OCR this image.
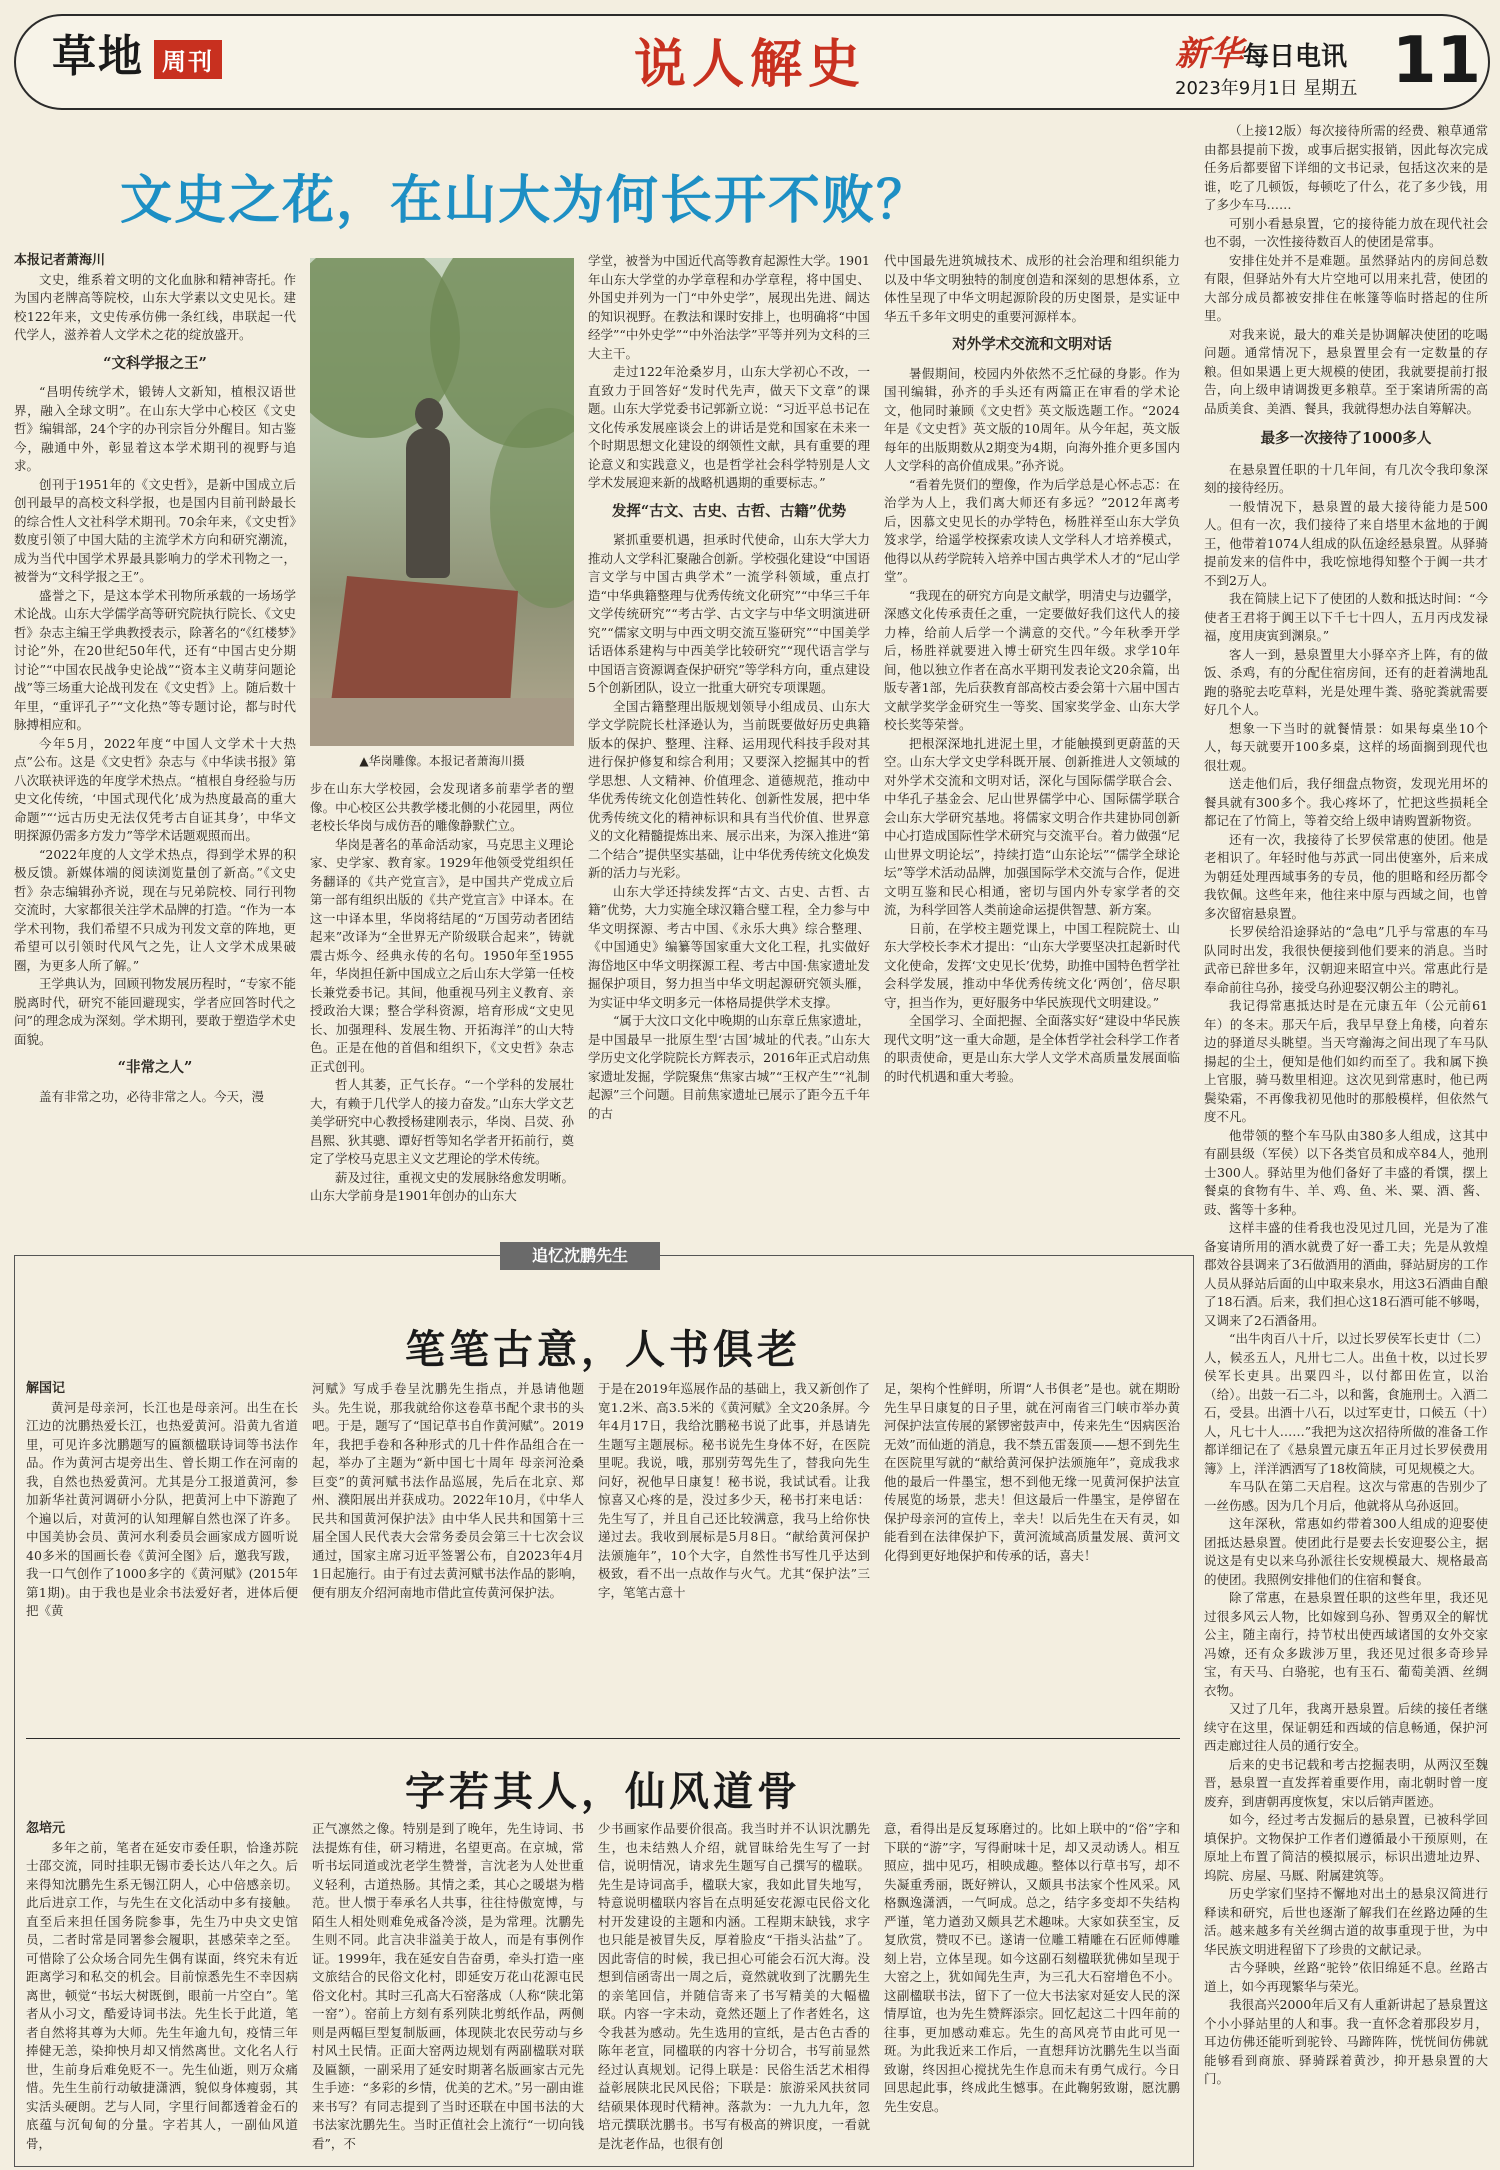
草地 周刊	说人解史	新华每日电讯
2023年9月1日 星期五 11
文史之花，在山大为何长开不败？
本报记者萧海川

文史，维系着文明的文化血脉和精神寄托。作为国内老牌高等院校，山东大学素以文史见长。建校122年来，文史传承仿佛一条红线，串联起一代代学人，滋养着人文学术之花的绽放盛开。

“文科学报之王”

“昌明传统学术，锻铸人文新知，植根汉语世界，融入全球文明”。在山东大学中心校区《文史哲》编辑部，24个字的办刊宗旨分外醒目。知古鉴今，融通中外，彰显着这本学术期刊的视野与追求。

创刊于1951年的《文史哲》，是新中国成立后创刊最早的高校文科学报，也是国内目前刊龄最长的综合性人文社科学术期刊。70余年来，《文史哲》数度引领了中国大陆的主流学术方向和研究潮流，成为当代中国学术界最具影响力的学术刊物之一，被誉为“文科学报之王”。

盛誉之下，是这本学术刊物所承载的一场场学术论战。山东大学儒学高等研究院执行院长、《文史哲》杂志主编王学典教授表示，除著名的“《红楼梦》讨论”外，在20世纪50年代，还有“中国古史分期讨论”“中国农民战争史论战”“资本主义萌芽问题论战”等三场重大论战刊发在《文史哲》上。随后数十年里，“重评孔子”“文化热”等专题讨论，都与时代脉搏相应和。

今年5月，2022年度“中国人文学术十大热点”公布。这是《文史哲》杂志与《中华读书报》第八次联袂评选的年度学术热点。“植根自身经验与历史文化传统，‘中国式现代化’成为热度最高的重大命题”“‘远古历史无法仅凭考古自证其身’，中华文明探源仍需多方发力”等学术话题观照而出。

“2022年度的人文学术热点，得到学术界的积极反馈。新媒体端的阅读浏览量创了新高。”《文史哲》杂志编辑孙齐说，现在与兄弟院校、同行刊物交流时，大家都很关注学术品牌的打造。“作为一本学术刊物，我们希望不只成为刊发文章的阵地，更希望可以引领时代风气之先，让人文学术成果破圈，为更多人所了解。”

王学典认为，回顾刊物发展历程时，“专家不能脱离时代，研究不能回避现实，学者应回答时代之问”的理念成为深刻。学术期刊，要敢于塑造学术史面貌。

“非常之人”

盖有非常之功，必待非常之人。今天，漫

▲华岗雕像。本报记者萧海川摄

步在山东大学校园，会发现诸多前辈学者的塑像。中心校区公共教学楼北侧的小花园里，两位老校长华岗与成仿吾的雕像静默伫立。

华岗是著名的革命活动家，马克思主义理论家、史学家、教育家。1929年他领受党组织任务翻译的《共产党宣言》，是中国共产党成立后第一部有组织出版的《共产党宣言》中译本。在这一中译本里，华岗将结尾的“万国劳动者团结起来”改译为“全世界无产阶级联合起来”，铸就震古烁今、经典永传的名句。1950年至1955年，华岗担任新中国成立之后山东大学第一任校长兼党委书记。其间，他重视马列主义教育、亲授政治大课；整合学科资源，培育形成“文史见长、加强理科、发展生物、开拓海洋”的山大特色。正是在他的首倡和组织下，《文史哲》杂志正式创刊。

哲人其萎，正气长存。“一个学科的发展壮大，有赖于几代学人的接力奋发。”山东大学文艺美学研究中心教授杨建刚表示，华岗、吕荧、孙昌熙、狄其骢、谭好哲等知名学者开拓前行，奠定了学校马克思主义文艺理论的学术传统。

薪及过往，重视文史的发展脉络愈发明晰。山东大学前身是1901年创办的山东大

学堂，被誉为中国近代高等教育起源性大学。1901年山东大学堂的办学章程和办学章程，将中国史、外国史并列为一门“中外史学”，展现出先进、阔达的知识视野。在教法和课时安排上，也明确将“中国经学”“中外史学”“中外治法学”平等并列为文科的三大主干。

走过122年沧桑岁月，山东大学初心不改，一直致力于回答好“发时代先声，做天下文章”的课题。山东大学党委书记郭新立说：“习近平总书记在文化传承发展座谈会上的讲话是党和国家在未来一个时期思想文化建设的纲领性文献，具有重要的理论意义和实践意义，也是哲学社会科学特别是人文学术发展迎来新的战略机遇期的重要标志。”

发挥“古文、古史、古哲、古籍”优势

紧抓重要机遇，担承时代使命，山东大学大力推动人文学科汇聚融合创新。学校强化建设“中国语言文学与中国古典学术”一流学科领域，重点打造“中华典籍整理与优秀传统文化研究”“中华三千年文学传统研究”“考古学、古文字与中华文明演进研究”“儒家文明与中西文明交流互鉴研究”“中国美学话语体系建构与中西美学比较研究”“现代语言学与中国语言资源调查保护研究”等学科方向，重点建设5个创新团队，设立一批重大研究专项课题。

全国古籍整理出版规划领导小组成员、山东大学文学院院长杜泽逊认为，当前既要做好历史典籍版本的保护、整理、注释、运用现代科技手段对其进行保护修复和综合利用；又要深入挖掘其中的哲学思想、人文精神、价值理念、道德规范，推动中华优秀传统文化创造性转化、创新性发展，把中华优秀传统文化的精神标识和具有当代价值、世界意义的文化精髓提炼出来、展示出来，为深入推进“第二个结合”提供坚实基础，让中华优秀传统文化焕发新的活力与光彩。

山东大学还持续发挥“古文、古史、古哲、古籍”优势，大力实施全球汉籍合璧工程，全力参与中华文明探源、考古中国、《永乐大典》综合整理、《中国通史》编纂等国家重大文化工程，扎实做好海岱地区中华文明探源工程、考古中国·焦家遗址发掘保护项目，努力担当中华文明起源研究领头雁，为实证中华文明多元一体格局提供学术支撑。

“属于大汶口文化中晚期的山东章丘焦家遗址，是中国最早一批原生型‘古国’城址的代表。”山东大学历史文化学院院长方辉表示，2016年正式启动焦家遗址发掘，学院聚焦“焦家古城”“王权产生”“礼制起源”三个问题。目前焦家遗址已展示了距今五千年的古

代中国最先进筑城技术、成形的社会治理和组织能力以及中华文明独特的制度创造和深刻的思想体系，立体性呈现了中华文明起源阶段的历史图景，是实证中华五千多年文明史的重要河源样本。

对外学术交流和文明对话

暑假期间，校园内外依然不乏忙碌的身影。作为国刊编辑，孙齐的手头还有两篇正在审看的学术论文，他同时兼顾《文史哲》英文版选题工作。“2024年是《文史哲》英文版的10周年。从今年起，英文版每年的出版期数从2期变为4期，向海外推介更多国内人文学科的高价值成果。”孙齐说。

“看着先贤们的塑像，作为后学总是心怀忐忑：在治学为人上，我们离大师还有多远？”2012年离考后，因慕文史见长的办学特色，杨胜祥至山东大学负笈求学，给遥学校探索攻读人文学科人才培养模式，他得以从药学院转入培养中国古典学术人才的“尼山学堂”。

“我现在的研究方向是文献学，明清史与边疆学，深感文化传承责任之重，一定要做好我们这代人的接力棒，给前人后学一个满意的交代。”今年秋季开学后，杨胜祥就要进入博士研究生四年级。求学10年间，他以独立作者在高水平期刊发表论文20余篇，出版专著1部，先后获教育部高校古委会第十六届中国古文献学奖学金研究生一等奖、国家奖学金、山东大学校长奖等荣誉。

把根深深地扎进泥土里，才能触摸到更蔚蓝的天空。山东大学文史学科既开展、创新推进人文领域的对外学术交流和文明对话，深化与国际儒学联合会、中华孔子基金会、尼山世界儒学中心、国际儒学联合会山东大学研究基地。将儒家文明合作共建协同创新中心打造成国际性学术研究与交流平台。着力做强“尼山世界文明论坛”，持续打造“山东论坛”“儒学全球论坛”等学术活动品牌，加强国际学术交流与合作，促进文明互鉴和民心相通，密切与国内外专家学者的交流，为科学回答人类前途命运提供智慧、新方案。

日前，在学校主题党课上，中国工程院院士、山东大学校长李术才提出：“山东大学要坚决扛起新时代文化使命，发挥‘文史见长’优势，助推中国特色哲学社会科学发展，推动中华优秀传统文化‘两创’，倍尽职守，担当作为，更好服务中华民族现代文明建设。”

全国学习、全面把握、全面落实好“建设中华民族现代文明”这一重大命题，是全体哲学社会科学工作者的职责使命，更是山东大学人文学术高质量发展面临的时代机遇和重大考验。

（上接12版）每次接待所需的经费、粮草通常由都县提前下拨，或事后据实报销，因此每次完成任务后都要留下详细的文书记录，包括这次来的是谁，吃了几顿饭，每顿吃了什么，花了多少钱，用了多少车马……

可别小看悬泉置，它的接待能力放在现代社会也不弱，一次性接待数百人的使团是常事。

安排住处并不是难题。虽然驿站内的房间总数有限，但驿站外有大片空地可以用来扎营，使团的大部分成员都被安排住在帐篷等临时搭起的住所里。

对我来说，最大的难关是协调解决使团的吃喝问题。通常情况下，悬泉置里会有一定数量的存粮。但如果遇上更大规模的使团，我就要提前打报告，向上级申请调拨更多粮草。至于案请所需的高品质美食、美酒、餐具，我就得想办法自筹解决。

最多一次接待了1000多人

在悬泉置任职的十几年间，有几次令我印象深刻的接待经历。

一般情况下，悬泉置的最大接待能力是500人。但有一次，我们接待了来自塔里木盆地的于阗王，他带着1074人组成的队伍途经悬泉置。从驿骑提前发来的信件中，我吃惊地得知整个于阗一共才不到2万人。

我在简牍上记下了使团的人数和抵达时间：“今使者王君将于阗王以下千七十四人，五月丙戌发禄福，度用庚寅到渊泉。”

客人一到，悬泉置里大小驿卒齐上阵，有的做饭、杀鸡，有的分配住宿房间，还有的赶着满地乱跑的骆驼去吃草料，光是处理牛粪、骆驼粪就需要好几个人。

想象一下当时的就餐情景：如果每桌坐10个人，每天就要开100多桌，这样的场面搁到现代也很壮观。

送走他们后，我仔细盘点物资，发现光用坏的餐具就有300多个。我心疼坏了，忙把这些损耗全都记在了竹简上，等着交给上级申请购置新物资。

还有一次，我接待了长罗侯常惠的使团。他是老相识了。年轻时他与苏武一同出使塞外，后来成为朝廷处理西域事务的专员，他的胆略和经历都令我钦佩。这些年来，他往来中原与西域之间，也曾多次留宿悬泉置。

长罗侯给沿途驿站的“急电”几乎与常惠的车马队同时出发，我很快便接到他们要来的消息。当时武帝已辞世多年，汉朝迎来昭宣中兴。常惠此行是奉命前往乌孙，接受乌孙迎娶汉朝公主的聘礼。

我记得常惠抵达时是在元康五年（公元前61年）的冬末。那天午后，我早早登上角楼，向着东边的驿道尽头眺望。当天穹瀚海之间出现了车马队揚起的尘土，便知是他们如约而至了。我和属下换上官服，骑马数里相迎。这次见到常惠时，他已两鬓染霜，不再像我初见他时的那般模样，但依然气度不凡。

他带领的整个车马队由380多人组成，这其中有副县级（军侯）以下各类官员和成卒84人，弛刑士300人。驿站里为他们备好了丰盛的肴馔，摆上餐桌的食物有牛、羊、鸡、鱼、米、粟、酒、酱、豉、酱等十多种。

这样丰盛的佳肴我也没见过几回，光是为了准备宴请所用的酒水就费了好一番工夫；先是从敦煌郡效谷县调来了3石做酒用的酒曲，驿站厨房的工作人员从驿站后面的山中取来泉水，用这3石酒曲自酿了18石酒。后来，我们担心这18石酒可能不够喝，又调来了2石酒备用。

“出牛肉百八十斤，以过长罗侯军长吏廿（二）人，候丞五人，凡卅七二人。出鱼十枚，以过长罗侯军长吏具。出粟四斗，以付都田佐宣，以治（给）。出鼓一石二斗，以和酱，食施刑士。入酒二石，受县。出酒十八石，以过军吏廿，口候五（十）人，凡七十人……”我把为这次招待所做的准备工作都详细记在了《悬泉置元康五年正月过长罗侯费用簿》上，洋洋洒洒写了18枚简牍，可见规模之大。

车马队在第二天启程。这次与常惠的告别少了一丝伤感。因为几个月后，他就将从乌孙返回。

这年深秋，常惠如约带着300人组成的迎娶使团抵达悬泉置。使团此行是要去长安迎娶公主，据说这是有史以来乌孙派往长安规模最大、规格最高的使团。我照例安排他们的住宿和餐食。

除了常惠，在悬泉置任职的这些年里，我还见过很多风云人物，比如嫁到乌孙、智勇双全的解忧公主，随主南行，持节杖出使西域诸国的女外交家冯嫽，还有众多跋涉万里，我还见过很多奇珍异宝，有天马、白骆驼，也有玉石、葡萄美酒、丝绸衣物。

又过了几年，我离开悬泉置。后续的接任者继续守在这里，保证朝廷和西域的信息畅通，保护河西走廊过往人员的通行安全。

后来的史书记载和考古挖掘表明，从两汉至魏晋，悬泉置一直发挥着重要作用，南北朝时曾一度废弃，到唐朝再度恢复，宋以后销声匿迹。

如今，经过考古发掘后的悬泉置，已被科学回填保护。文物保护工作者们遵循最小干预原则，在原址上布置了简洁的模拟展示，标识出遗址边界、坞院、房屋、马厩、附属建筑等。

历史学家们坚持不懈地对出土的悬泉汉简进行释读和研究，后世也逐渐了解我们在丝路边陲的生活。越来越多有关丝绸古道的故事重现于世，为中华民族文明进程留下了珍贵的文献记录。

古今驿映，丝路“驼铃”依旧绵延不息。丝路古道上，如今再现繁华与荣光。

我很高兴2000年后又有人重新讲起了悬泉置这个小小驿站里的人和事。我一直怀念着那段岁月，耳边仿佛还能听到驼铃、马蹄阵阵，恍恍间仿佛就能够看到商旅、驿骑踩着黄沙，抑开悬泉置的大门。

追忆沈鹏先生
笔笔古意，人书俱老
解国记

黄河是母亲河，长江也是母亲河。出生在长江边的沈鹏热爱长江，也热爱黄河。沿黄九省道里，可见许多沈鹏题写的匾额楹联诗词等书法作品。作为黄河古堤旁出生、曾长期工作在河南的我，自然也热爱黄河。尤其是分工报道黄河，参加新华社黄河调研小分队，把黄河上中下游跑了个遍以后，对黄河的认知理解自然也深了许多。中国美协会员、黄河水利委员会画家成方圆听说40多米的国画长卷《黄河全图》后，邀我写跋，我一口气创作了1000多字的《黄河赋》(2015年第1期)。由于我也是业余书法爱好者，进体后便把《黄

河赋》写成手卷呈沈鹏先生指点，并恳请他题头。先生说，那我就给你这卷草书配个隶书的头吧。于是，题写了“国记草书自作黄河赋”。2019年，我把手卷和各种形式的几十件作品组合在一起，举办了主题为“新中国七十周年 母亲河沧桑巨变”的黄河赋书法作品巡展，先后在北京、郑州、濮阳展出并获成功。2022年10月，《中华人民共和国黄河保护法》由中华人民共和国第十三届全国人民代表大会常务委员会第三十七次会议通过，国家主席习近平签署公布，自2023年4月1日起施行。由于有过去黄河赋书法作品的影响，便有朋友介绍河南地市借此宣传黄河保护法。

于是在2019年巡展作品的基础上，我又新创作了宽1.2米、高3.5米的《黄河赋》全文20条屏。今年4月17日，我给沈鹏秘书说了此事，并恳请先生题写主题展标。秘书说先生身体不好，在医院里呢。我说，哦，那别劳驾先生了，替我向先生问好，祝他早日康复！秘书说，我试试看。让我惊喜又心疼的是，没过多少天，秘书打来电话：先生写了，并且自己还比较满意，我马上给你快递过去。我收到展标是5月8日。“献给黄河保护法颁施年”，10个大字，自然性书写性几乎达到极致，看不出一点故作与火气。尤其“保护法”三字，笔笔古意十

足，架构个性鲜明，所谓“人书俱老”是也。就在期盼先生早日康复的日子里，就在河南省三门峡市举办黄河保护法宣传展的紧锣密鼓声中，传来先生“因病医治无效”而仙逝的消息，我不禁五雷轰顶——想不到先生在医院里写就的“献给黄河保护法颁施年”，竟成我求他的最后一件墨宝，想不到他无缘一见黄河保护法宣传展览的场景，悲夫！但这最后一件墨宝，是停留在保护母亲河的宣传上，幸夫！以后先生在天有灵，如能看到在法律保护下，黄河流域高质量发展、黄河文化得到更好地保护和传承的话，喜夫！

字若其人，仙风道骨
忽培元

多年之前，笔者在延安市委任职，恰逢苏院士邵交流，同时挂职无锡市委长达八年之久。后来得知沈鹏先生系无锡江阴人，心中倍感亲切。此后进京工作，与先生在文化活动中多有接触。直至后来担任国务院参事，先生乃中央文史馆员，二者时常是同署参会履职，甚感荣幸之至。可惜除了公众场合同先生偶有谋面，终究未有近距离学习和私交的机会。目前惊悉先生不幸因病离世，顿觉“书坛大树既倒，眼前一片空白”。笔者从小习文，酷爱诗词书法。先生长于此道，笔者自然将其尊为大师。先生年逾九旬，疫情三年捧健无恙，染抑怏月却又悄然离世。文化名人行世，生前身后难免贬不一。先生仙逝，则万众痛惜。先生生前行动敏捷潇洒，貌似身体瘦弱，其实活头硬朗。艺与人同，字里行间都透着金石的底蕴与沉甸甸的分量。字若其人，一副仙风道骨，

正气凛然之像。特别是到了晚年，先生诗词、书法提炼有佳，研习精进，名望更高。在京城，常听书坛同道或沈老学生赞誉，言沈老为人处世重义轻利，古道热肠。其情之柔，其心之暖堪为楷范。世人惯于奉承名人共事，往往恃傲宽博，与陌生人相处则难免戒备冷淡，是为常理。沈鹏先生则不同。此言决非溢美于故人，而是有事例作证。1999年，我在延安自告奋勇，牵头打造一座文旅结合的民俗文化村，即延安万花山花源屯民俗文化村。其时三孔高大石窑落成（人称“陕北第一窑”）。窑前上方刻有系列陕北剪纸作品，两侧则是两幅巨型复制版画，体现陕北农民劳动与乡村风土民情。正面大窑两边规划有两副楹联对联及匾额，一副采用了延安时期著名版画家古元先生手迹：“多彩的乡情，优美的艺术。”另一副由谁来书写？有同志提到了当时还联在中国书法的大书法家沈鹏先生。当时正值社会上流行“一切向钱看”，不

少书画家作品要价很高。我当时并不认识沈鹏先生，也未结熟人介绍，就冒昧给先生写了一封信，说明情况，请求先生题写自己撰写的楹联。先生是诗词高手，楹联大家，我如此冒失地写，特意说明楹联内容旨在点明延安花源屯民俗文化村开发建设的主题和内涵。工程期末缺钱，求字也只能是被冒失反，厚着脸皮“干指头沾盐”了。因此寄信的时候，我已担心可能会石沉大海。没想到信函寄出一周之后，竟然就收到了沈鹏先生的亲笔回信，并随信寄来了书写精美的大幅楹联。内容一字未动，竟然还题上了作者姓名，这令我甚为感动。先生选用的宣纸，是古色古香的陈年老宣，同楹联的内容十分切合，书写前显然经过认真规划。记得上联是：民俗生活艺术相得益彰展陕北民风民俗；下联是：旅游采风扶贫同结硕果体现时代精神。落款为：一九九九年，忽培元撰联沈鹏书。书写有极高的辨识度，一看就是沈老作品，也很有创

意，看得出是反复琢磨过的。比如上联中的“俗”字和下联的“游”字，写得耐味十足，却又灵动诱人。相互照应，拙中见巧，相映成趣。整体以行草书写，却不失凝重秀丽，既好辨认，又颇具书法家个性风采。风格飘逸潇洒，一气呵成。总之，结字多变却不失结构严谨，笔力遒劲又颇具艺术趣味。大家如获至宝，反复欣赏，赞叹不已。遂请一位雕工精雕在石匠师傅雕刻上岩，立体呈现。如今这副石刻楹联犹佛如呈现于大窑之上，犹如闻先生声，为三孔大石窑增色不小。这副楹联书法，留下了一位大书法家对延安人民的深情厚谊，也为先生赞辉添宗。回忆起这二十四年前的往事，更加感动难忘。先生的高风亮节由此可见一斑。为此我近来工作后，一直想拜访沈鹏先生以当面致谢，终因担心搅扰先生作息而未有勇气成行。今日回思起此事，终成此生憾事。在此鞠躬致谢，愿沈鹏先生安息。
